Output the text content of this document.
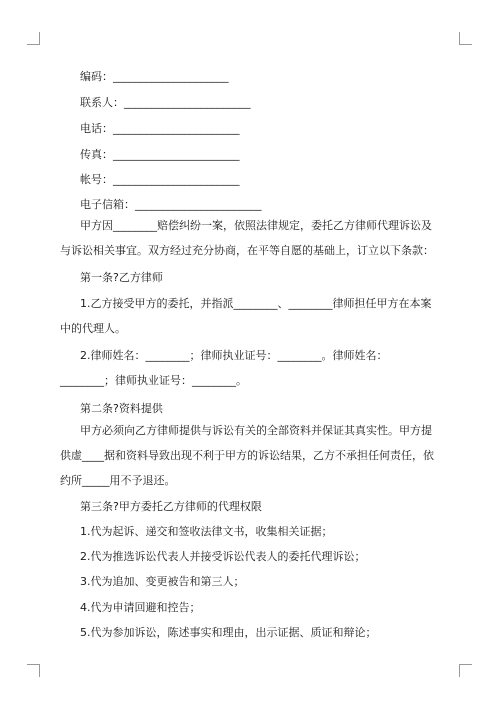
编码：_____________________
联系人：_______________________
电话：_______________________
传真：_______________________
帐号：_______________________
电子信箱：_______________________
甲方因________赔偿纠纷一案，依照法律规定，委托乙方律师代理诉讼及与诉讼相关事宜。双方经过充分协商，在平等自愿的基础上，订立以下条款：
第一条?乙方律师
1.乙方接受甲方的委托，并指派________、________律师担任甲方在本案中的代理人。
2.律师姓名：________；律师执业证号：________。律师姓名：________；律师执业证号：________。
第二条?资料提供
甲方必须向乙方律师提供与诉讼有关的全部资料并保证其真实性。甲方提供虚____据和资料导致出现不利于甲方的诉讼结果，乙方不承担任何责任，依约所_____用不予退还。
第三条?甲方委托乙方律师的代理权限
1.代为起诉、递交和签收法律文书，收集相关证据；
2.代为推选诉讼代表人并接受诉讼代表人的委托代理诉讼；
3.代为追加、变更被告和第三人；
4.代为申请回避和控告；
5.代为参加诉讼，陈述事实和理由，出示证据、质证和辩论；
